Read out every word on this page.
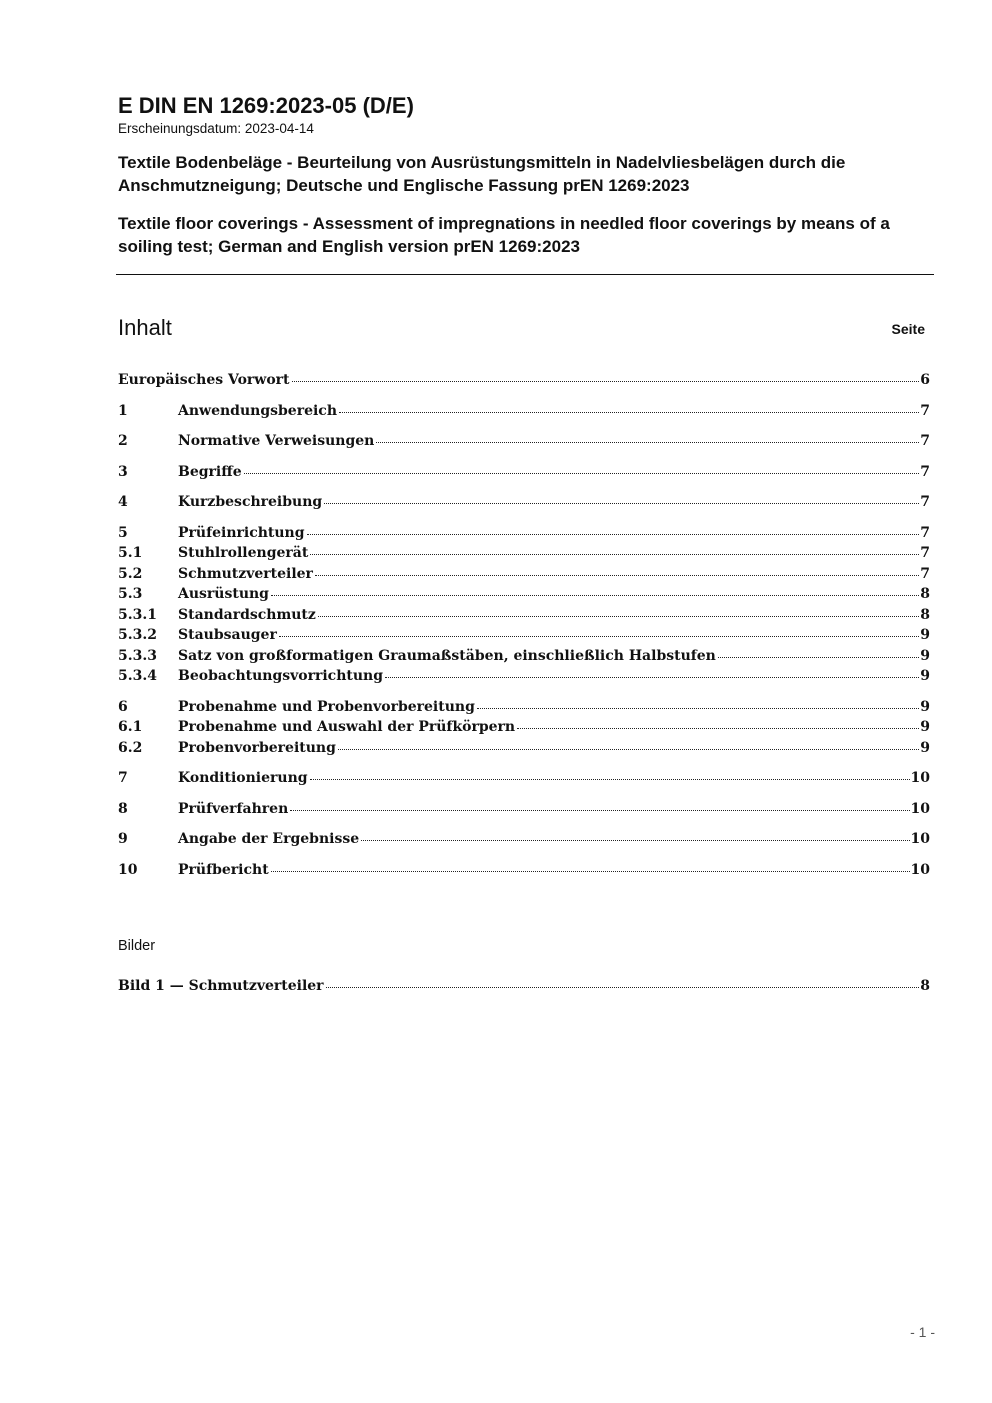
E DIN EN 1269:2023-05 (D/E)

Erscheinungsdatum: 2023-04-14

Textile Bodenbeläge - Beurteilung von Ausrüstungsmitteln in Nadelvliesbelägen durch die Anschmutzneigung; Deutsche und Englische Fassung prEN 1269:2023

Textile floor coverings - Assessment of impregnations in needled floor coverings by means of a soiling test; German and English version prEN 1269:2023

Inhalt	Seite
Europäisches Vorwort	6
1	Anwendungsbereich	7
2	Normative Verweisungen	7
3	Begriffe	7
4	Kurzbeschreibung	7
5	Prüfeinrichtung	7
5.1	Stuhlrollengerät	7
5.2	Schmutzverteiler	7
5.3	Ausrüstung	8
5.3.1	Standardschmutz	8
5.3.2	Staubsauger	9
5.3.3	Satz von großformatigen Graumaßstäben, einschließlich Halbstufen	9
5.3.4	Beobachtungsvorrichtung	9
6	Probenahme und Probenvorbereitung	9
6.1	Probenahme und Auswahl der Prüfkörpern	9
6.2	Probenvorbereitung	9
7	Konditionierung	10
8	Prüfverfahren	10
9	Angabe der Ergebnisse	10
10	Prüfbericht	10
Bilder
Bild 1 — Schmutzverteiler	8
- 1 -
